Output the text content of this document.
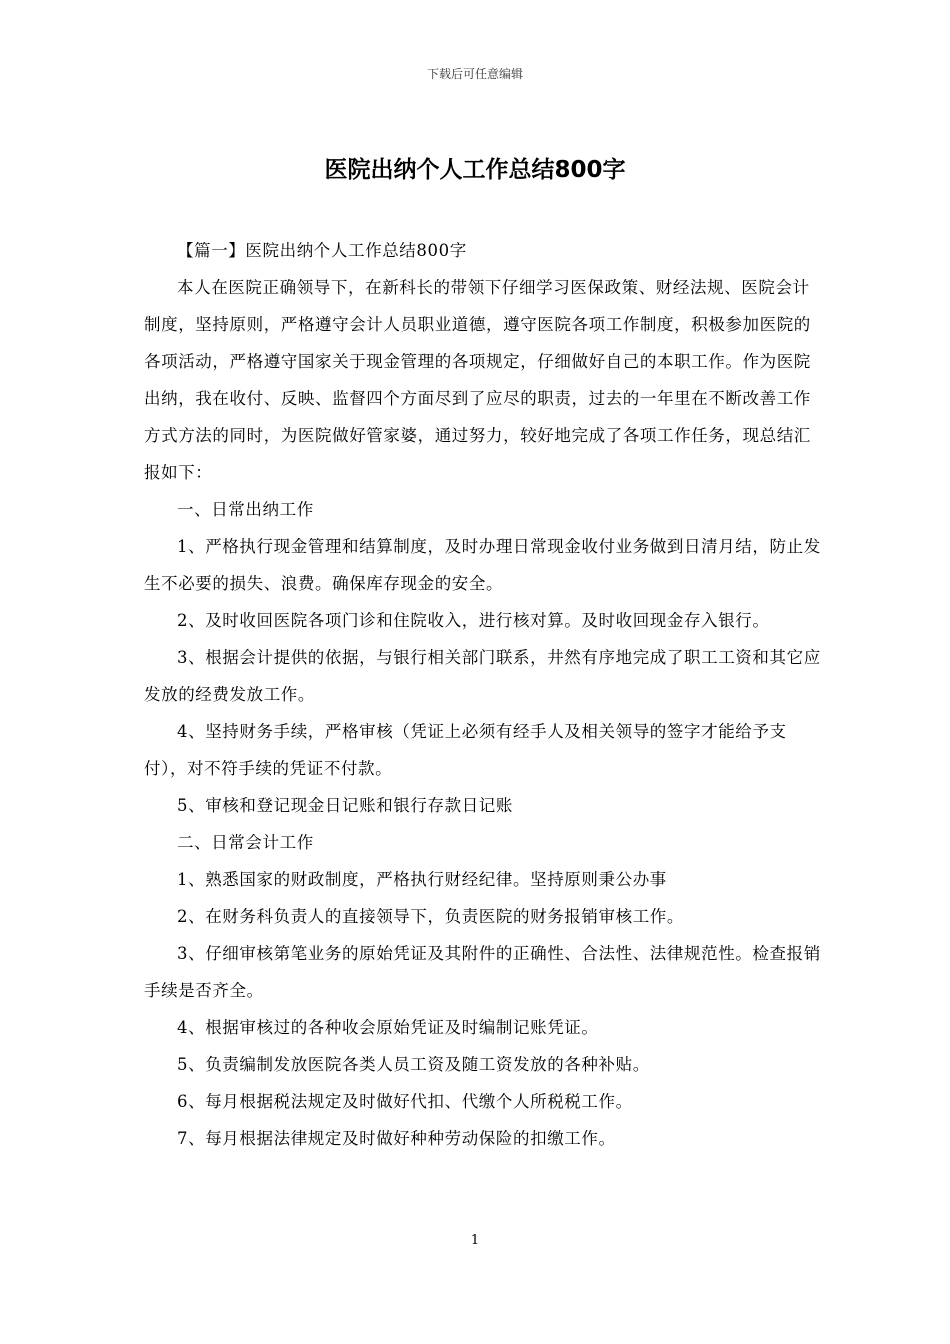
下载后可任意编辑
医院出纳个人工作总结800字

【篇一】医院出纳个人工作总结800字

本人在医院正确领导下，在新科长的带领下仔细学习医保政策、财经法规、医院会计制度，坚持原则，严格遵守会计人员职业道德，遵守医院各项工作制度，积极参加医院的各项活动，严格遵守国家关于现金管理的各项规定，仔细做好自己的本职工作。作为医院出纳，我在收付、反映、监督四个方面尽到了应尽的职责，过去的一年里在不断改善工作方式方法的同时，为医院做好管家婆，通过努力，较好地完成了各项工作任务，现总结汇报如下：

一、日常出纳工作

1、严格执行现金管理和结算制度，及时办理日常现金收付业务做到日清月结，防止发生不必要的损失、浪费。确保库存现金的安全。

2、及时收回医院各项门诊和住院收入，进行核对算。及时收回现金存入银行。

3、根据会计提供的依据，与银行相关部门联系，井然有序地完成了职工工资和其它应发放的经费发放工作。

4、坚持财务手续，严格审核（凭证上必须有经手人及相关领导的签字才能给予支付），对不符手续的凭证不付款。

5、审核和登记现金日记账和银行存款日记账

二、日常会计工作

1、熟悉国家的财政制度，严格执行财经纪律。坚持原则秉公办事

2、在财务科负责人的直接领导下，负责医院的财务报销审核工作。

3、仔细审核第笔业务的原始凭证及其附件的正确性、合法性、法律规范性。检查报销手续是否齐全。

4、根据审核过的各种收会原始凭证及时编制记账凭证。

5、负责编制发放医院各类人员工资及随工资发放的各种补贴。

6、每月根据税法规定及时做好代扣、代缴个人所税税工作。

7、每月根据法律规定及时做好种种劳动保险的扣缴工作。

1
